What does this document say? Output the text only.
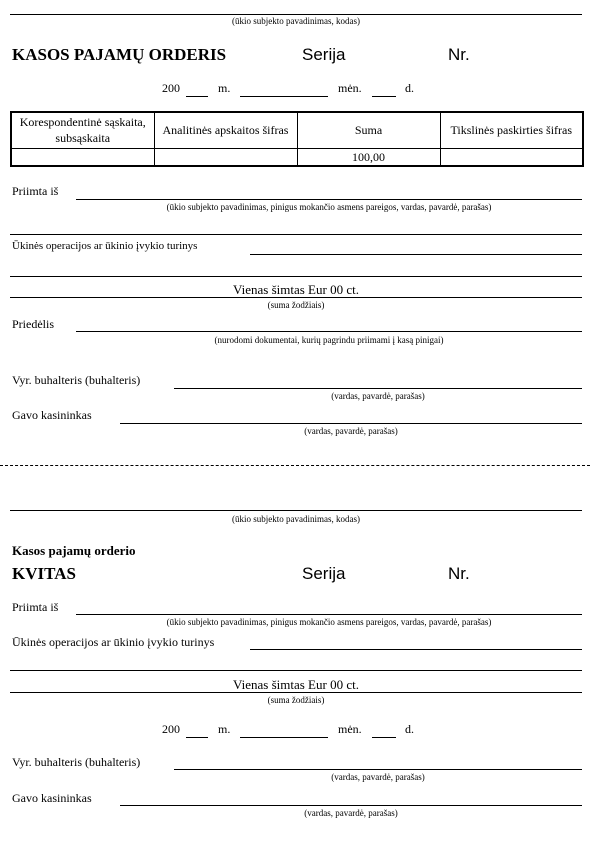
(ūkio subjekto pavadinimas, kodas)
KASOS PAJAMŲ ORDERIS	Serija	Nr.
200	m.	mėn.	d.
Korespondentinė sąskaita, subsąskaita	Analitinės apskaitos šifras	Suma	Tikslinės paskirties šifras
		100,00	
Priimta iš
(ūkio subjekto pavadinimas, pinigus mokančio asmens pareigos, vardas, pavardė, parašas)
Ūkinės operacijos ar ūkinio įvykio turinys
Vienas šimtas Eur 00 ct.
(suma žodžiais)
Priedėlis
(nurodomi dokumentai, kurių pagrindu priimami į kasą pinigai)
Vyr. buhalteris (buhalteris)
(vardas, pavardė, parašas)
Gavo kasininkas
(vardas, pavardė, parašas)
(ūkio subjekto pavadinimas, kodas)
Kasos pajamų orderio
KVITAS	Serija	Nr.
Priimta iš
(ūkio subjekto pavadinimas, pinigus mokančio asmens pareigos, vardas, pavardė, parašas)
Ūkinės operacijos ar ūkinio įvykio turinys
Vienas šimtas Eur 00 ct.
(suma žodžiais)
200	m.	mėn.	d.
Vyr. buhalteris (buhalteris)
(vardas, pavardė, parašas)
Gavo kasininkas
(vardas, pavardė, parašas)
